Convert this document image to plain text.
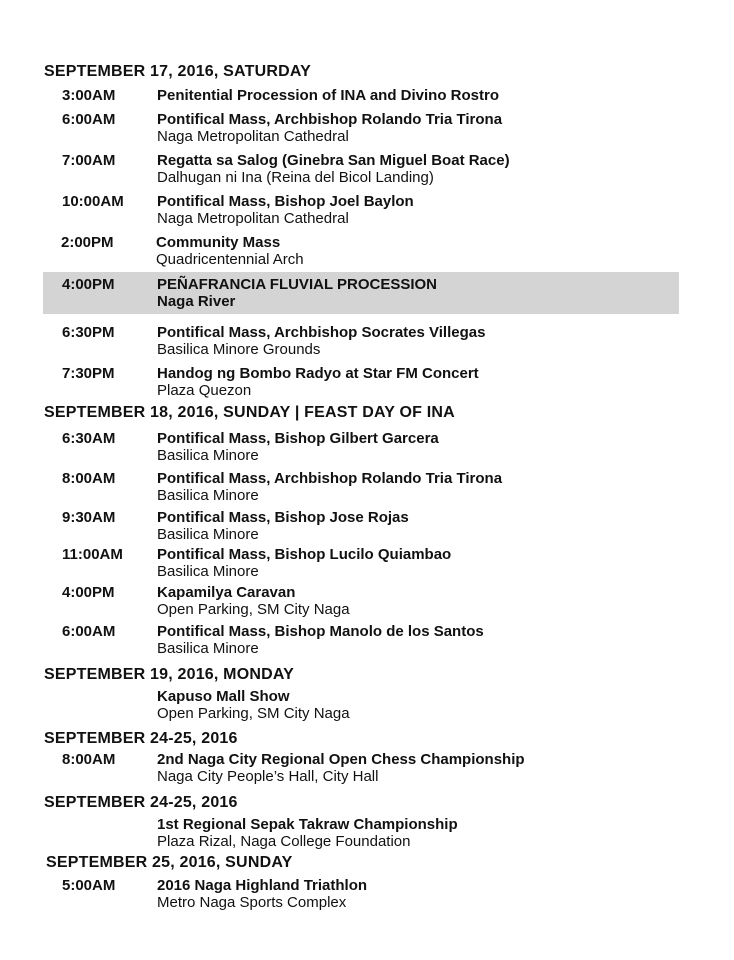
SEPTEMBER 17, 2016, SATURDAY
3:00AM	Penitential Procession of INA and Divino Rostro
6:00AM	Pontifical Mass, Archbishop Rolando Tria Tirona
Naga Metropolitan Cathedral
7:00AM	Regatta sa Salog (Ginebra San Miguel Boat Race)
Dalhugan ni Ina (Reina del Bicol Landing)
10:00AM Pontifical Mass, Bishop Joel Baylon
Naga Metropolitan Cathedral
2:00PM	Community Mass
Quadricentennial Arch
4:00PM	PEÑAFRANCIA FLUVIAL PROCESSION
Naga River
6:30PM	Pontifical Mass, Archbishop Socrates Villegas
Basilica Minore Grounds
7:30PM	Handog ng Bombo Radyo at Star FM Concert
Plaza Quezon
SEPTEMBER 18, 2016, SUNDAY | FEAST DAY OF INA
6:30AM	Pontifical Mass, Bishop Gilbert Garcera
Basilica Minore
8:00AM	Pontifical Mass, Archbishop Rolando Tria Tirona
Basilica Minore
9:30AM	Pontifical Mass, Bishop Jose Rojas
Basilica Minore
11:00AM Pontifical Mass, Bishop Lucilo Quiambao
Basilica Minore
4:00PM	Kapamilya Caravan
Open Parking, SM City Naga
6:00AM	Pontifical Mass, Bishop Manolo de los Santos
Basilica Minore
SEPTEMBER 19, 2016, MONDAY
Kapuso Mall Show
Open Parking, SM City Naga
SEPTEMBER 24-25, 2016
8:00AM	2nd Naga City Regional Open Chess Championship
Naga City People’s Hall, City Hall
SEPTEMBER 24-25, 2016
1st Regional Sepak Takraw Championship
Plaza Rizal, Naga College Foundation
SEPTEMBER 25, 2016, SUNDAY
5:00AM	2016 Naga Highland Triathlon
Metro Naga Sports Complex
